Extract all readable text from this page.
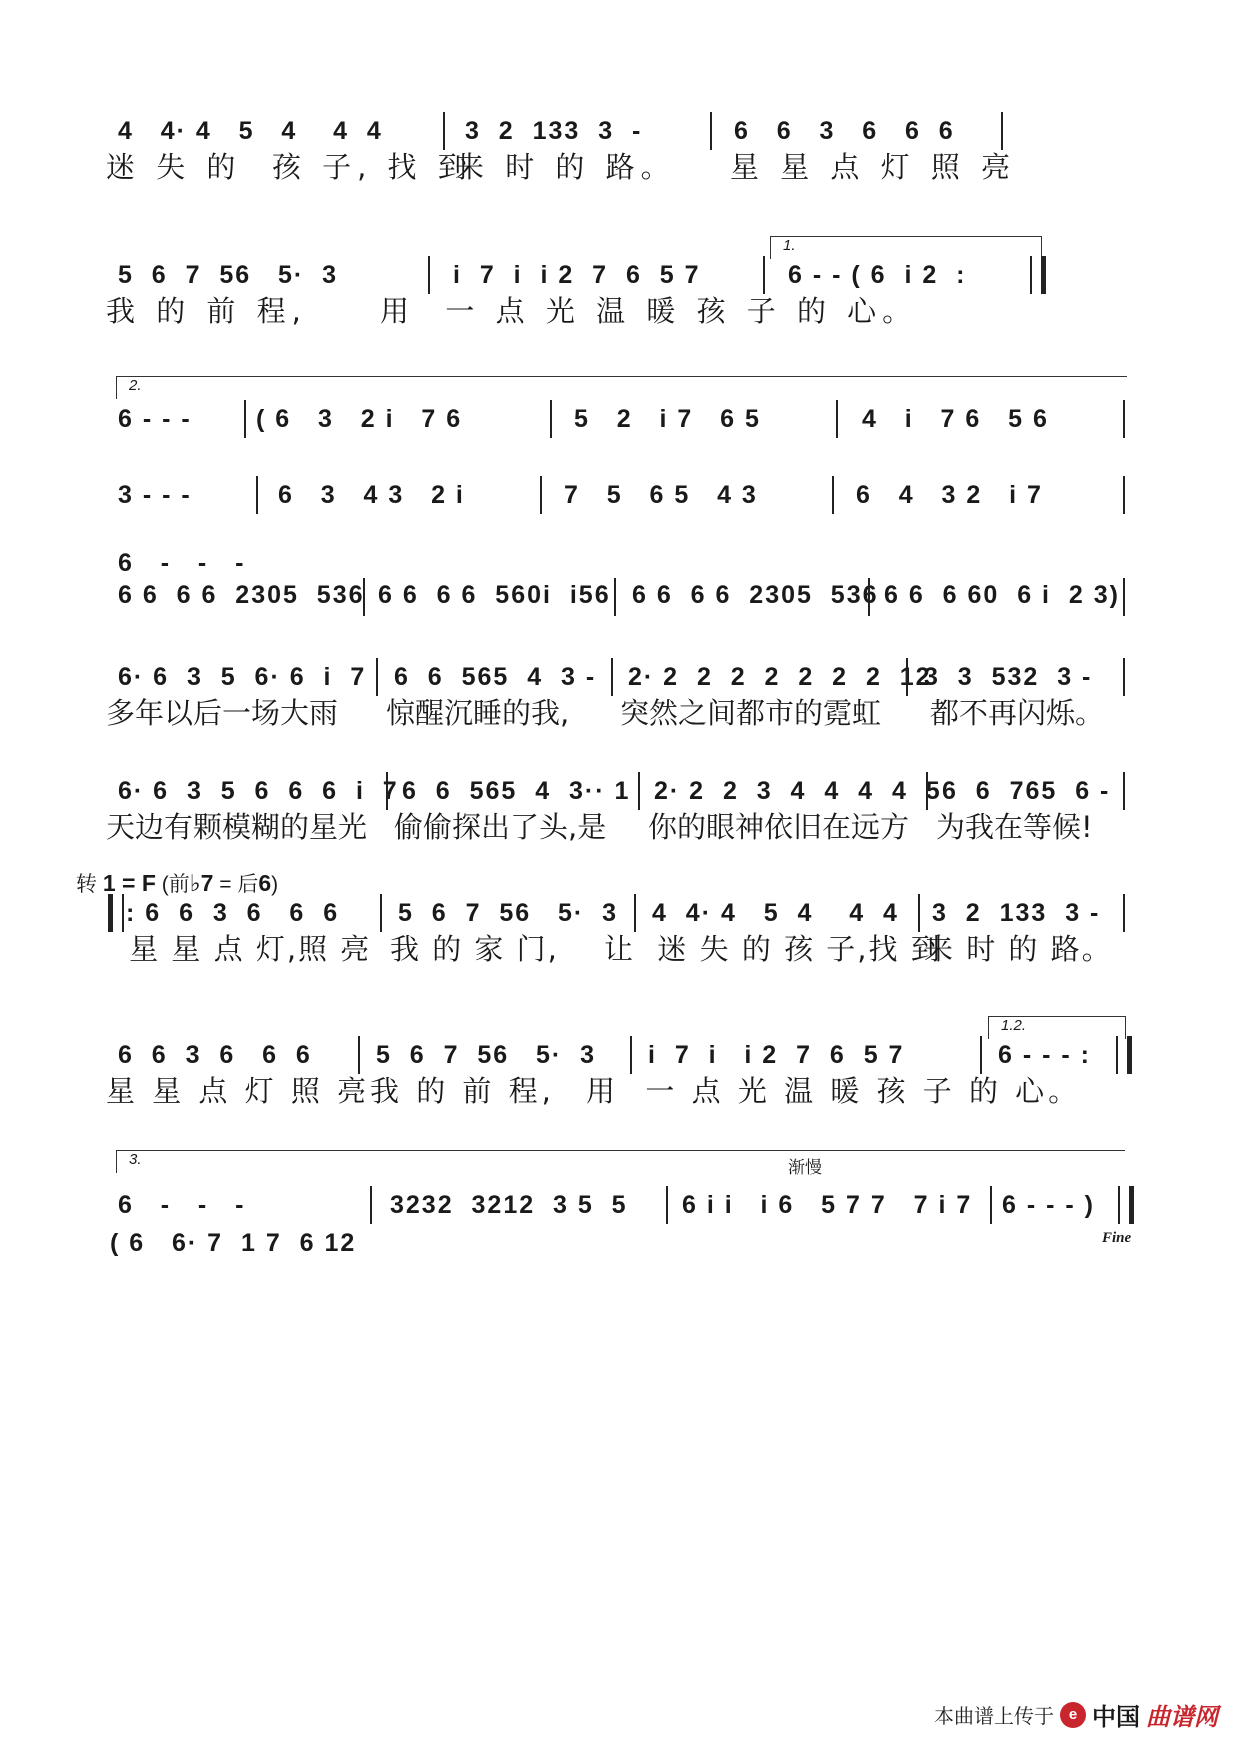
4   4· 4   5   4    4  4	3  2  133  3  -	6   6   3   6   6  6
迷 失 的  孩 子, 找 到
来 时 的 路。	星 星 点 灯 照 亮
5  6  7  56   5·  3	i  7  i  i 2  7  6  5 7
1.
6 - - ( 6  i 2  :
我 的 前 程,	用  一 点 光 温 暖 孩 子 的 心。
2.
6 - - -	( 6   3   2 i   7 6	5   2   i 7   6 5	4   i   7 6   5 6
3 - - -	6   3   4 3   2 i	7   5   6 5   4 3	6   4   3 2   i 7
6   -   -   -
6 6  6 6  2305  536 6 6  6 6  560i  i56 6 6  6 6  2305  536 6 6  6 60  6 i  2 3)
6· 6  3  5  6· 6  i  7	6  6  565  4  3 -	2· 2  2  2  2  2  2  2  12
3  3  532  3 -
多年以后一场大雨	惊醒沉睡的我,	突然之间都市的霓虹	都不再闪烁。
6· 6  3  5  6  6  6  i  7 6  6  565  4  3·· 1 2· 2  2  3  4  4  4  4  5 6  6  765  6 -
天边有颗模糊的星光 偷偷探出了头,是	你的眼神依旧在远方 为我在等候!
转 1 = F (前♭7 = 后6)
: 6  6  3  6   6  6	5  6  7  56   5·  3	4  4· 4   5  4    4  4	3  2  133  3 -
星 星 点 灯,照 亮 我 的 家 门,	让  迷 失 的 孩 子,找 到
来 时 的 路。
6  6  3  6   6  6	5  6  7  56   5·  3	i  7  i   i 2  7  6  5 7
1.2.
6 - - - :
星 星 点 灯 照 亮 我 的 前 程,	用  一 点 光 温 暖 孩 子 的 心。
3.
6   -   -   -	3232  3212  3 5  5	6 i i   i 6   5 7 7   7 i 7	6 - - - )
( 6   6· 7  1 7  6 12
渐慢
Fine
本曲谱上传于 e 中国 曲谱网
